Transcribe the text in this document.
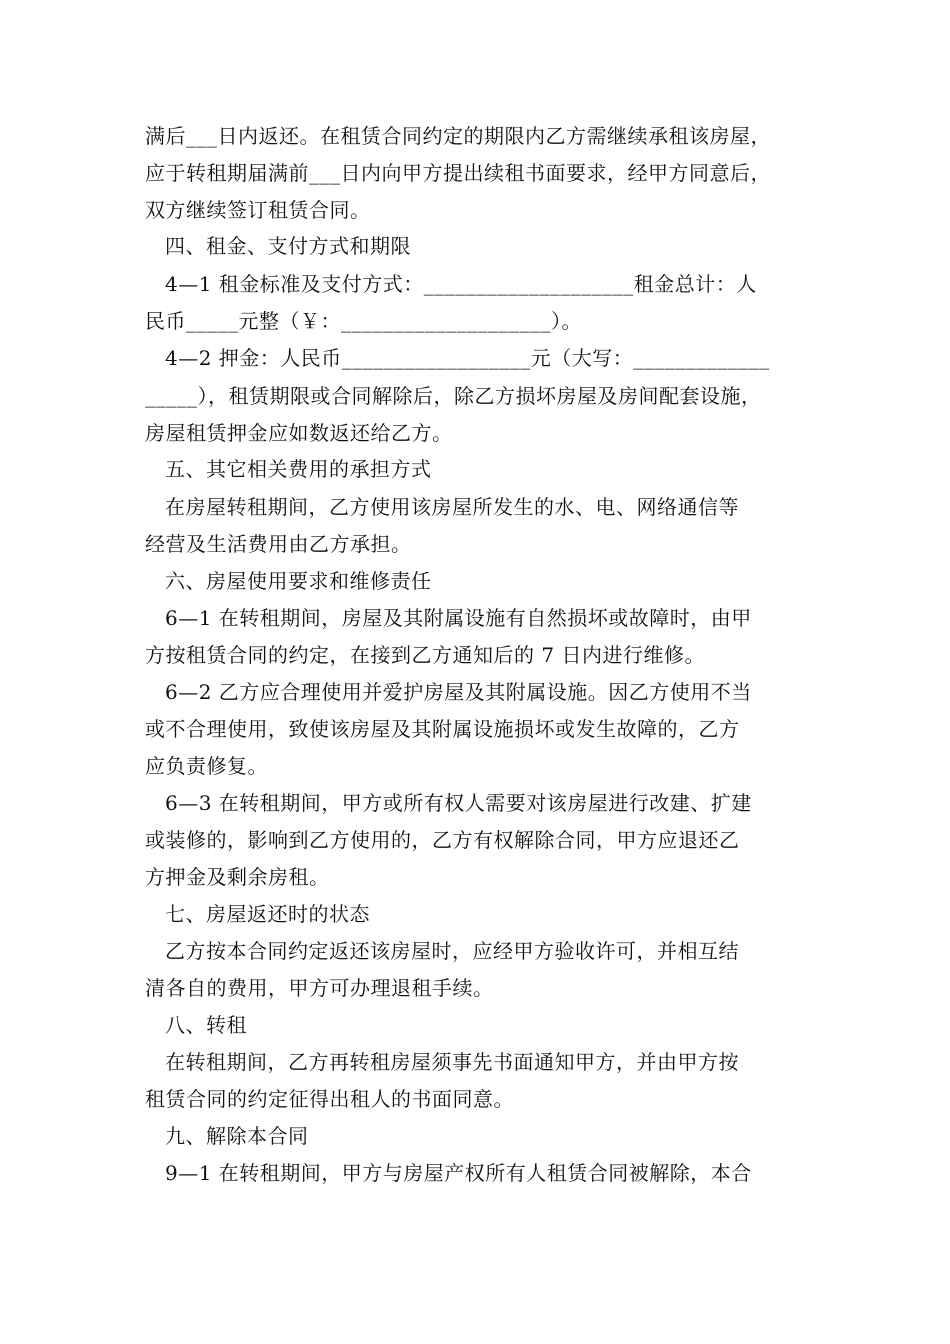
满后___日内返还。在租赁合同约定的期限内乙方需继续承租该房屋，
应于转租期届满前___日内向甲方提出续租书面要求，经甲方同意后，
双方继续签订租赁合同。
四、租金、支付方式和期限
4—1 租金标准及支付方式：____________________租金总计：人
民币_____元整（￥：____________________）。
4—2 押金：人民币__________________元（大写：_____________
_____），租赁期限或合同解除后，除乙方损坏房屋及房间配套设施，
房屋租赁押金应如数返还给乙方。
五、其它相关费用的承担方式
在房屋转租期间，乙方使用该房屋所发生的水、电、网络通信等
经营及生活费用由乙方承担。
六、房屋使用要求和维修责任
6—1 在转租期间，房屋及其附属设施有自然损坏或故障时，由甲
方按租赁合同的约定，在接到乙方通知后的 7 日内进行维修。
6—2 乙方应合理使用并爱护房屋及其附属设施。因乙方使用不当
或不合理使用，致使该房屋及其附属设施损坏或发生故障的，乙方
应负责修复。
6—3 在转租期间，甲方或所有权人需要对该房屋进行改建、扩建
或装修的，影响到乙方使用的，乙方有权解除合同，甲方应退还乙
方押金及剩余房租。
七、房屋返还时的状态
乙方按本合同约定返还该房屋时，应经甲方验收许可，并相互结
清各自的费用，甲方可办理退租手续。
八、转租
在转租期间，乙方再转租房屋须事先书面通知甲方，并由甲方按
租赁合同的约定征得出租人的书面同意。
九、解除本合同
9—1 在转租期间，甲方与房屋产权所有人租赁合同被解除，本合
